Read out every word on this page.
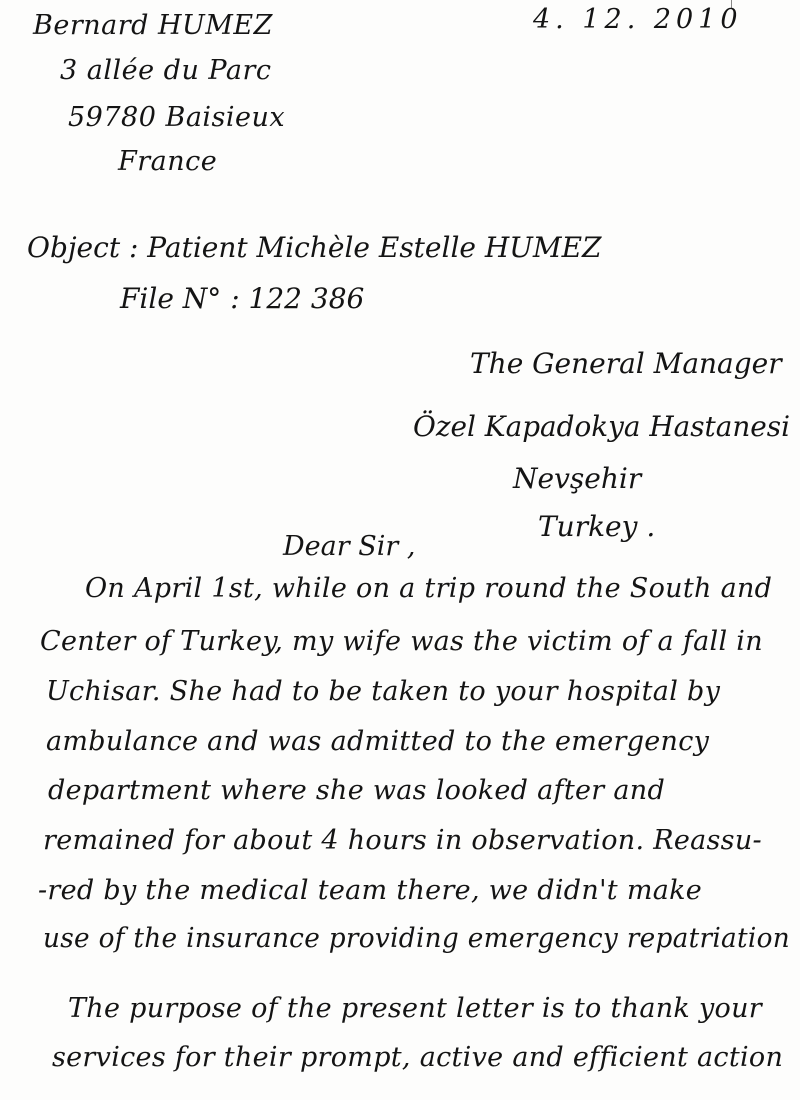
Bernard HUMEZ
3 allée du Parc
59780 Baisieux
France
4. 12. 2010
Object : Patient Michèle Estelle HUMEZ
File N° : 122 386
The General Manager
Özel Kapadokya Hastanesi
Nevşehir
Turkey .
Dear Sir ,
On April 1st, while on a trip round the South and
Center of Turkey, my wife was the victim of a fall in
Uchisar. She had to be taken to your hospital by
ambulance and was admitted to the emergency
department where she was looked after and
remained for about 4 hours in observation. Reassu-
-red by the medical team there, we didn't make
use of the insurance providing emergency repatriation
The purpose of the present letter is to thank your
services for their prompt, active and efficient action
